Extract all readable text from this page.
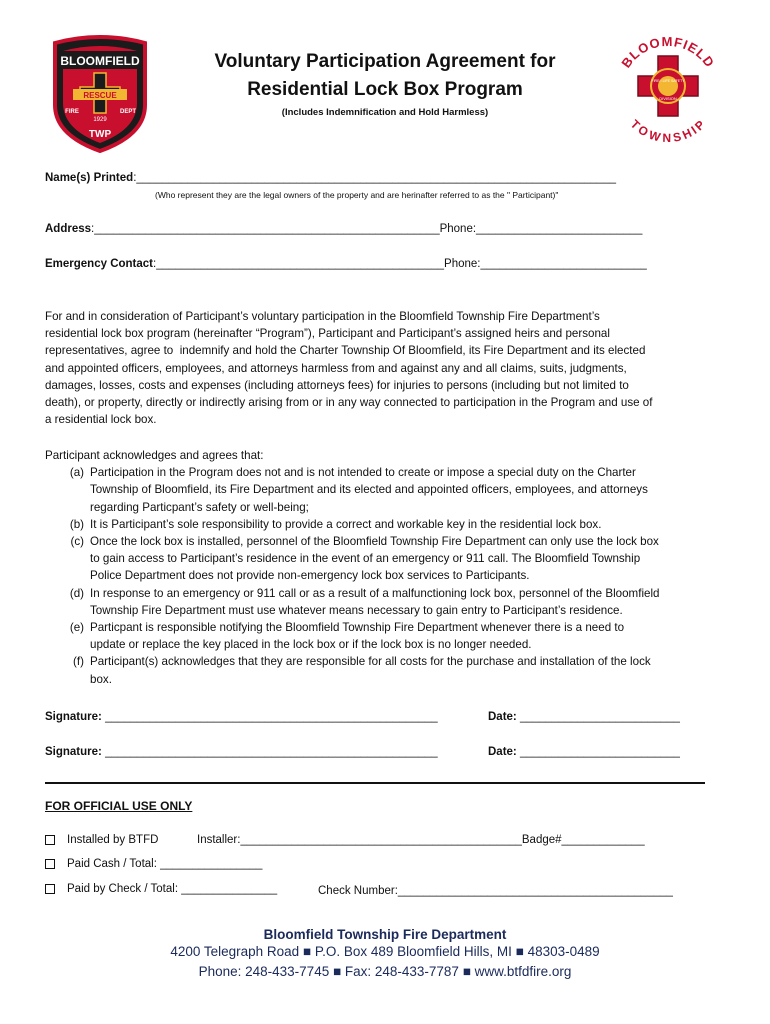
BLOOMFIELD
RESCUE
FIRE	DEPT
1929
TWP
BLOOMFIELD
TOWNSHIP
FIRE • LIFE SAFETY
DIVISION
Voluntary Participation Agreement for
Residential Lock Box Program
(Includes Indemnification and Hold Harmless)
Name(s) Printed:___________________________________________________________________________
(Who represent they are the legal owners of the property and are herinafter referred to as the " Participant)"
Address:______________________________________________________Phone:__________________________
Emergency Contact:_____________________________________________Phone:__________________________
For and in consideration of Participant’s voluntary participation in the Bloomfield Township Fire Department’s
residential lock box program (hereinafter “Program”), Participant and Participant’s assigned heirs and personal
representatives, agree to  indemnify and hold the Charter Township Of Bloomfield, its Fire Department and its elected
and appointed officers, employees, and attorneys harmless from and against any and all claims, suits, judgments,
damages, losses, costs and expenses (including attorneys fees) for injuries to persons (including but not limited to
death), or property, directly or indirectly arising from or in any way connected to participation in the Program and use of
a residential lock box.
Participant acknowledges and agrees that:
(a) Participation in the Program does not and is not intended to create or impose a special duty on the Charter
Township of Bloomfield, its Fire Department and its elected and appointed officers, employees, and attorneys
regarding Particpant’s safety or well-being;
(b) It is Participant’s sole responsibility to provide a correct and workable key in the residential lock box.
(c) Once the lock box is installed, personnel of the Bloomfield Township Fire Department can only use the lock box
to gain access to Participant’s residence in the event of an emergency or 911 call. The Bloomfield Township
Police Department does not provide non-emergency lock box services to Participants.
(d) In response to an emergency or 911 call or as a result of a malfunctioning lock box, personnel of the Bloomfield
Township Fire Department must use whatever means necessary to gain entry to Participant’s residence.
(e) Particpant is responsible notifying the Bloomfield Township Fire Department whenever there is a need to
update or replace the key placed in the lock box or if the lock box is no longer needed.
(f) Participant(s) acknowledges that they are responsible for all costs for the purchase and installation of the lock
box.
Signature: ____________________________________________________	Date: _________________________
Signature: ____________________________________________________	Date: _________________________
FOR OFFICIAL USE ONLY
Installed by BTFD	Installer:____________________________________________Badge#_____________
Paid Cash / Total: ________________
Paid by Check / Total: _______________	Check Number:___________________________________________
Bloomfield Township Fire Department
4200 Telegraph Road ■ P.O. Box 489 Bloomfield Hills, MI ■ 48303-0489
Phone: 248-433-7745 ■ Fax: 248-433-7787 ■ www.btfdfire.org
